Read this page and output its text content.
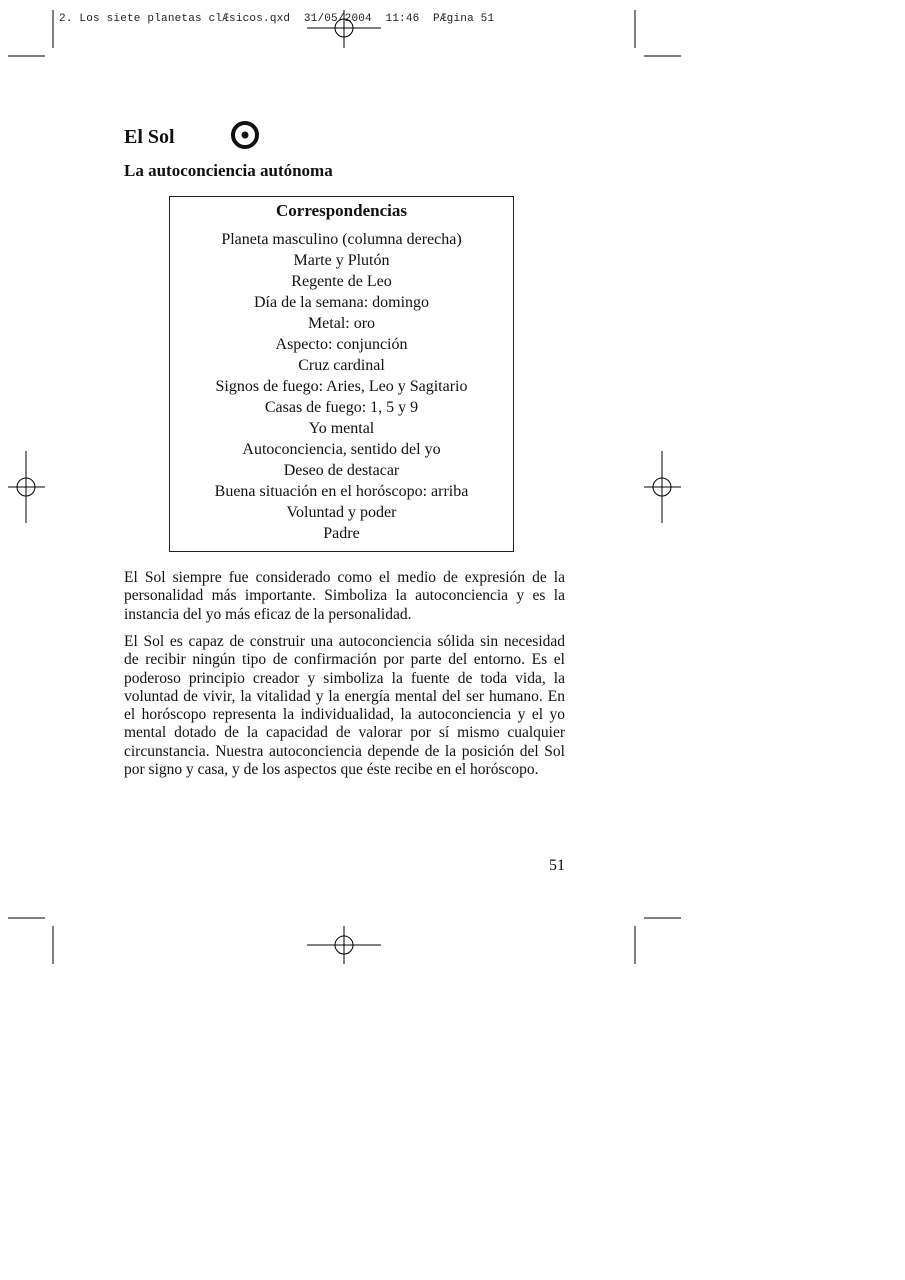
2. Los siete planetas clÆsicos.qxd  31/05/2004  11:46  PÆgina 51
El Sol
La autoconciencia autónoma
Correspondencias
Planeta masculino (columna derecha)
Marte y Plutón
Regente de Leo
Día de la semana: domingo
Metal: oro
Aspecto: conjunción
Cruz cardinal
Signos de fuego: Aries, Leo y Sagitario
Casas de fuego: 1, 5 y 9
Yo mental
Autoconciencia, sentido del yo
Deseo de destacar
Buena situación en el horóscopo: arriba
Voluntad y poder
Padre

El Sol siempre fue considerado como el medio de expresión de la personalidad más importante. Simboliza la autoconciencia y es la instancia del yo más eficaz de la personalidad.

El Sol es capaz de construir una autoconciencia sólida sin necesidad de recibir ningún tipo de confirmación por parte del entorno. Es el poderoso principio creador y simboliza la fuente de toda vida, la voluntad de vivir, la vitalidad y la energía mental del ser humano. En el horóscopo representa la individualidad, la autoconciencia y el yo mental dotado de la capacidad de valorar por sí mismo cualquier circunstancia. Nuestra autoconciencia depende de la posición del Sol por signo y casa, y de los aspectos que éste recibe en el horóscopo.

51
